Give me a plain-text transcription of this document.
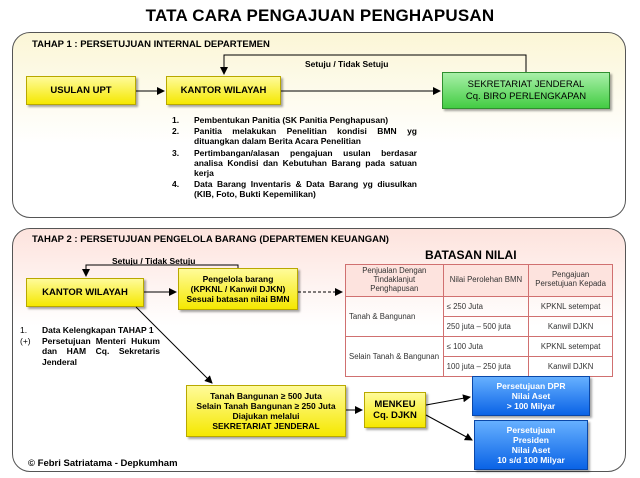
TATA CARA PENGAJUAN PENGHAPUSAN
TAHAP 1 : PERSETUJUAN INTERNAL DEPARTEMEN
Setuju / Tidak Setuju
USULAN UPT	KANTOR WILAYAH
SEKRETARIAT JENDERAL
Cq. BIRO PERLENGKAPAN
1.	Pembentukan Panitia (SK Panitia Penghapusan)
2.	Panitia melakukan Penelitian kondisi BMN yg dituangkan dalam Berita Acara Penelitian
3.	Pertimbangan/alasan pengajuan usulan berdasar analisa Kondisi dan Kebutuhan Barang pada satuan kerja
4.	Data Barang Inventaris & Data Barang yg diusulkan (KIB, Foto, Bukti Kepemilikan)
TAHAP 2 : PERSETUJUAN PENGELOLA BARANG (DEPARTEMEN KEUANGAN)
BATASAN NILAI
Setuju / Tidak Setuju
KANTOR WILAYAH
Pengelola barang
(KPKNL / Kanwil DJKN)
Sesuai batasan nilai BMN
Penjualan Dengan Tindaklanjut Penghapusan	Nilai Perolehan BMN	Pengajuan Persetujuan Kepada
Tanah & Bangunan	≤ 250 Juta	KPKNL setempat
	250 juta – 500 juta	Kanwil DJKN
Selain Tanah & Bangunan	≤ 100 Juta	KPKNL setempat
	100 juta – 250 juta	Kanwil DJKN
1.	Data Kelengkapan TAHAP 1
(+)	Persetujuan Menteri Hukum dan HAM Cq. Sekretaris Jenderal
Tanah Bangunan ≥ 500 Juta
Selain Tanah Bangunan ≥ 250 Juta
Diajukan melalui
SEKRETARIAT JENDERAL
MENKEU
Cq. DJKN
Persetujuan DPR
Nilai Aset
> 100 Milyar
Persetujuan
Presiden
Nilai Aset
10 s/d 100 Milyar
© Febri Satriatama - Depkumham
